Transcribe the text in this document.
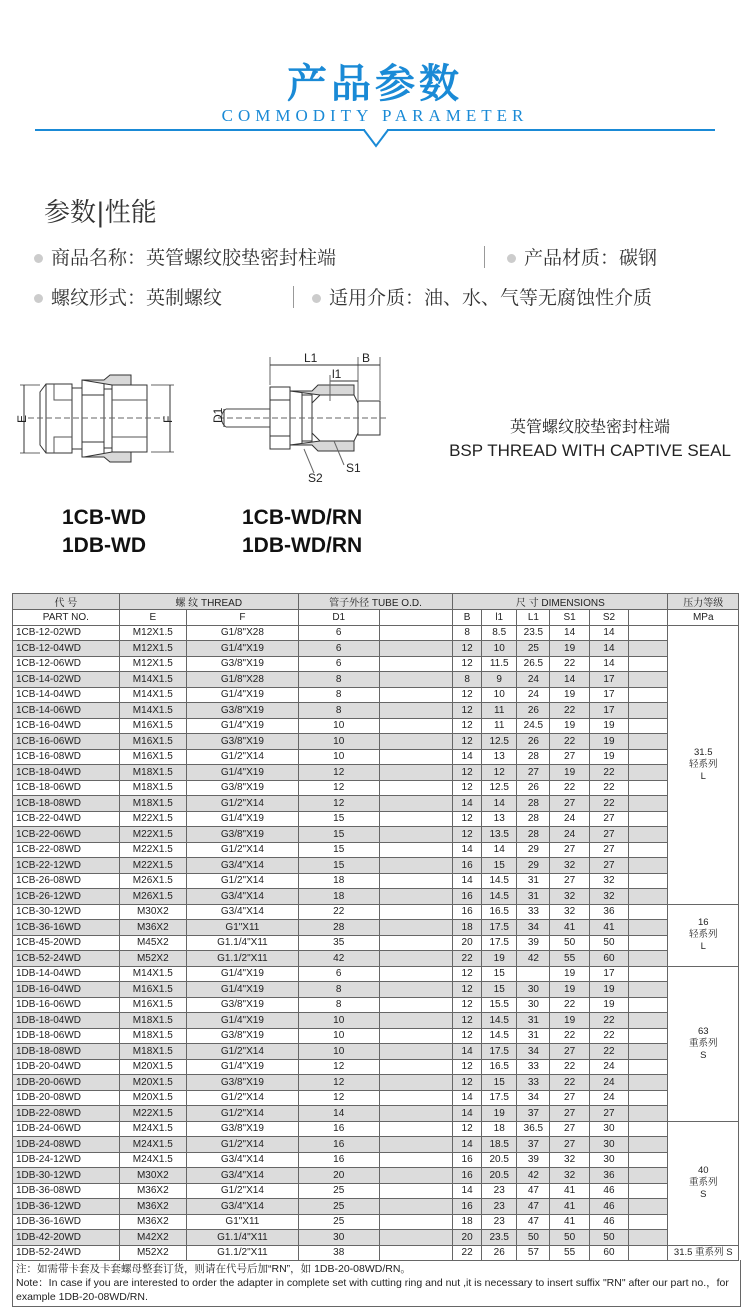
产品参数
COMMODITY PARAMETER
参数|性能
商品名称：英管螺纹胶垫密封柱端	产品材质：碳钢
螺纹形式：英制螺纹	适用介质：油、水、气等无腐蚀性介质
E	F
L1	B
l1
D1
S2
S1
英管螺纹胶垫密封柱端
BSP THREAD WITH CAPTIVE SEAL
1CB-WD
1DB-WD
1CB-WD/RN
1DB-WD/RN
代 号	螺 纹 THREAD		管子外径 TUBE O.D.		尺 寸 DIMENSIONS						压力等级
PART NO.	E	F	D1		B	l1	L1	S1	S2		MPa
1CB-12-02WD	M12X1.5	G1/8"X28	6		8	8.5	23.5	14	14		31.5
轻系列
L

1CB-12-04WD	M12X1.5	G1/4"X19	6		12	10	25	19	14		
1CB-12-06WD	M12X1.5	G3/8"X19	6		12	11.5	26.5	22	14		
1CB-14-02WD	M14X1.5	G1/8"X28	8		8	9	24	14	17		
1CB-14-04WD	M14X1.5	G1/4"X19	8		12	10	24	19	17		
1CB-14-06WD	M14X1.5	G3/8"X19	8		12	11	26	22	17		
1CB-16-04WD	M16X1.5	G1/4"X19	10		12	11	24.5	19	19		
1CB-16-06WD	M16X1.5	G3/8"X19	10		12	12.5	26	22	19		
1CB-16-08WD	M16X1.5	G1/2"X14	10		14	13	28	27	19		
1CB-18-04WD	M18X1.5	G1/4"X19	12		12	12	27	19	22		
1CB-18-06WD	M18X1.5	G3/8"X19	12		12	12.5	26	22	22		
1CB-18-08WD	M18X1.5	G1/2"X14	12		14	14	28	27	22		
1CB-22-04WD	M22X1.5	G1/4"X19	15		12	13	28	24	27		
1CB-22-06WD	M22X1.5	G3/8"X19	15		12	13.5	28	24	27		
1CB-22-08WD	M22X1.5	G1/2"X14	15		14	14	29	27	27		
1CB-22-12WD	M22X1.5	G3/4"X14	15		16	15	29	32	27		
1CB-26-08WD	M26X1.5	G1/2"X14	18		14	14.5	31	27	32		
1CB-26-12WD	M26X1.5	G3/4"X14	18		16	14.5	31	32	32		
1CB-30-12WD	M30X2	G3/4"X14	22		16	16.5	33	32	36		16
轻系列
L

1CB-36-16WD	M36X2	G1"X11	28		18	17.5	34	41	41		
1CB-45-20WD	M45X2	G1.1/4"X11	35		20	17.5	39	50	50		
1CB-52-24WD	M52X2	G1.1/2"X11	42		22	19	42	55	60		
1DB-14-04WD	M14X1.5	G1/4"X19	6		12	15		19	17		63
重系列
S

1DB-16-04WD	M16X1.5	G1/4"X19	8		12	15	30	19	19		
1DB-16-06WD	M16X1.5	G3/8"X19	8		12	15.5	30	22	19		
1DB-18-04WD	M18X1.5	G1/4"X19	10		12	14.5	31	19	22		
1DB-18-06WD	M18X1.5	G3/8"X19	10		12	14.5	31	22	22		
1DB-18-08WD	M18X1.5	G1/2"X14	10		14	17.5	34	27	22		
1DB-20-04WD	M20X1.5	G1/4"X19	12		12	16.5	33	22	24		
1DB-20-06WD	M20X1.5	G3/8"X19	12		12	15	33	22	24		
1DB-20-08WD	M20X1.5	G1/2"X14	12		14	17.5	34	27	24		
1DB-22-08WD	M22X1.5	G1/2"X14	14		14	19	37	27	27		
1DB-24-06WD	M24X1.5	G3/8"X19	16		12	18	36.5	27	30		40
重系列
S

1DB-24-08WD	M24X1.5	G1/2"X14	16		14	18.5	37	27	30		
1DB-24-12WD	M24X1.5	G3/4"X14	16		16	20.5	39	32	30		
1DB-30-12WD	M30X2	G3/4"X14	20		16	20.5	42	32	36		
1DB-36-08WD	M36X2	G1/2"X14	25		14	23	47	41	46		
1DB-36-12WD	M36X2	G3/4"X14	25		16	23	47	41	46		
1DB-36-16WD	M36X2	G1"X11	25		18	23	47	41	46		
1DB-42-20WD	M42X2	G1.1/4"X11	30		20	23.5	50	50	50		
1DB-52-24WD	M52X2	G1.1/2"X11	38		22	26	57	55	60		31.5 重系列 S
注：如需带卡套及卡套螺母整套订货，则请在代号后加“RN”，如 1DB-20-08WD/RN。
Note：In case if you are interested to order the adapter in complete set with cutting ring and nut ,it is necessary to insert suffix "RN" after our part no.，for example 1DB-20-08WD/RN.
